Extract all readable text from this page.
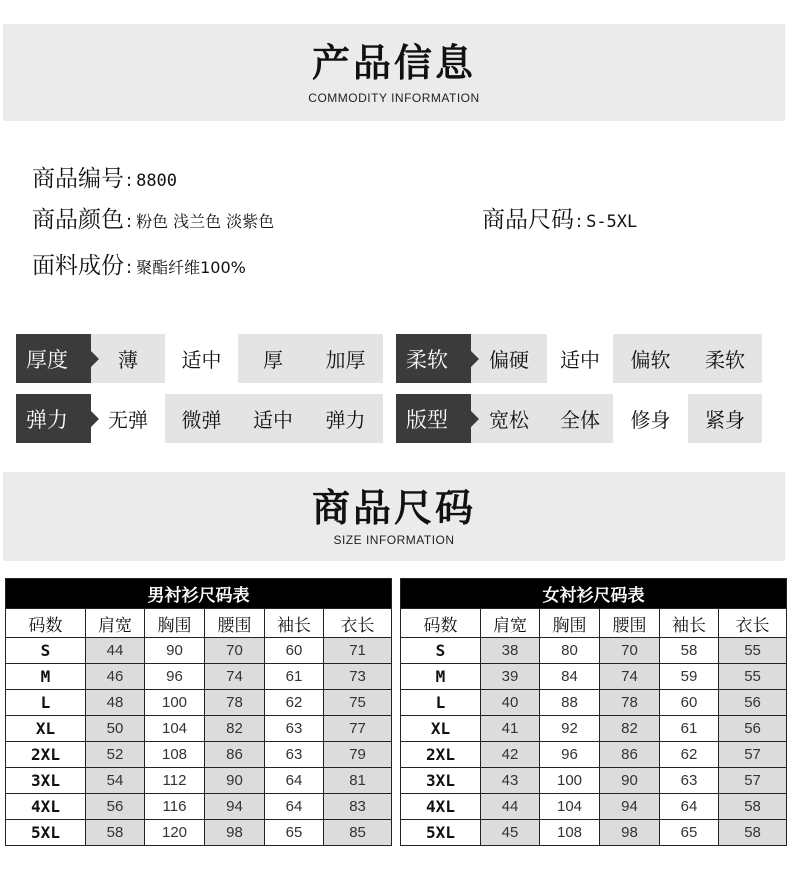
产品信息
COMMODITY INFORMATION
商品编号 : 8800
商品颜色 : 粉色 浅兰色 淡紫色	商品尺码 : S-5XL
面料成份 : 聚酯纤维100%
厚度	薄	适中	厚	加厚	柔软	偏硬	适中	偏软	柔软
弹力	无弹	微弹	适中	弹力	版型	宽松	全体	修身	紧身
商品尺码
SIZE INFORMATION
男衬衫尺码表					
码数	肩宽	胸围	腰围	袖长	衣长
S	44	90	70	60	71
M	46	96	74	61	73
L	48	100	78	62	75
XL	50	104	82	63	77
2XL	52	108	86	63	79
3XL	54	112	90	64	81
4XL	56	116	94	64	83
5XL	58	120	98	65	85
女衬衫尺码表					
码数	肩宽	胸围	腰围	袖长	衣长
S	38	80	70	58	55
M	39	84	74	59	55
L	40	88	78	60	56
XL	41	92	82	61	56
2XL	42	96	86	62	57
3XL	43	100	90	63	57
4XL	44	104	94	64	58
5XL	45	108	98	65	58
